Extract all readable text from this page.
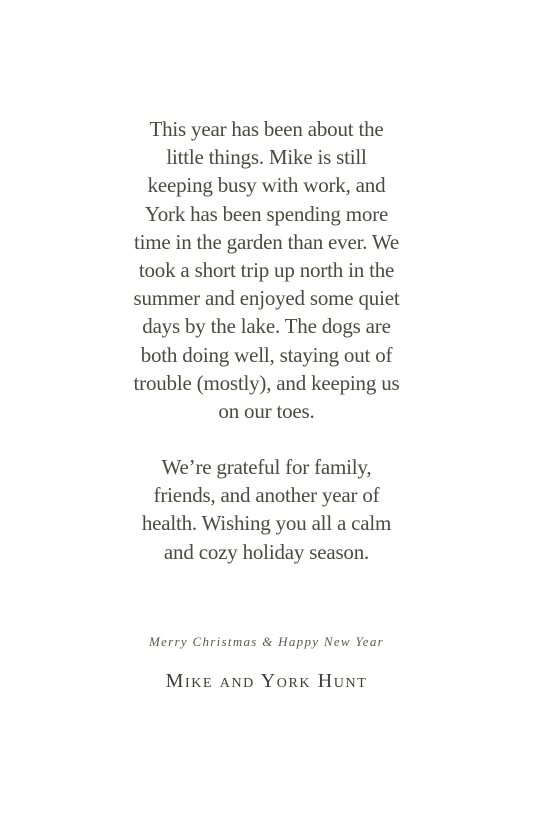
This year has been about the
little things. Mike is still
keeping busy with work, and
York has been spending more
time in the garden than ever. We
took a short trip up north in the
summer and enjoyed some quiet
days by the lake. The dogs are
both doing well, staying out of
trouble (mostly), and keeping us
on our toes.
We’re grateful for family,
friends, and another year of
health. Wishing you all a calm
and cozy holiday season.
Merry Christmas & Happy New Year
Mike and York Hunt
